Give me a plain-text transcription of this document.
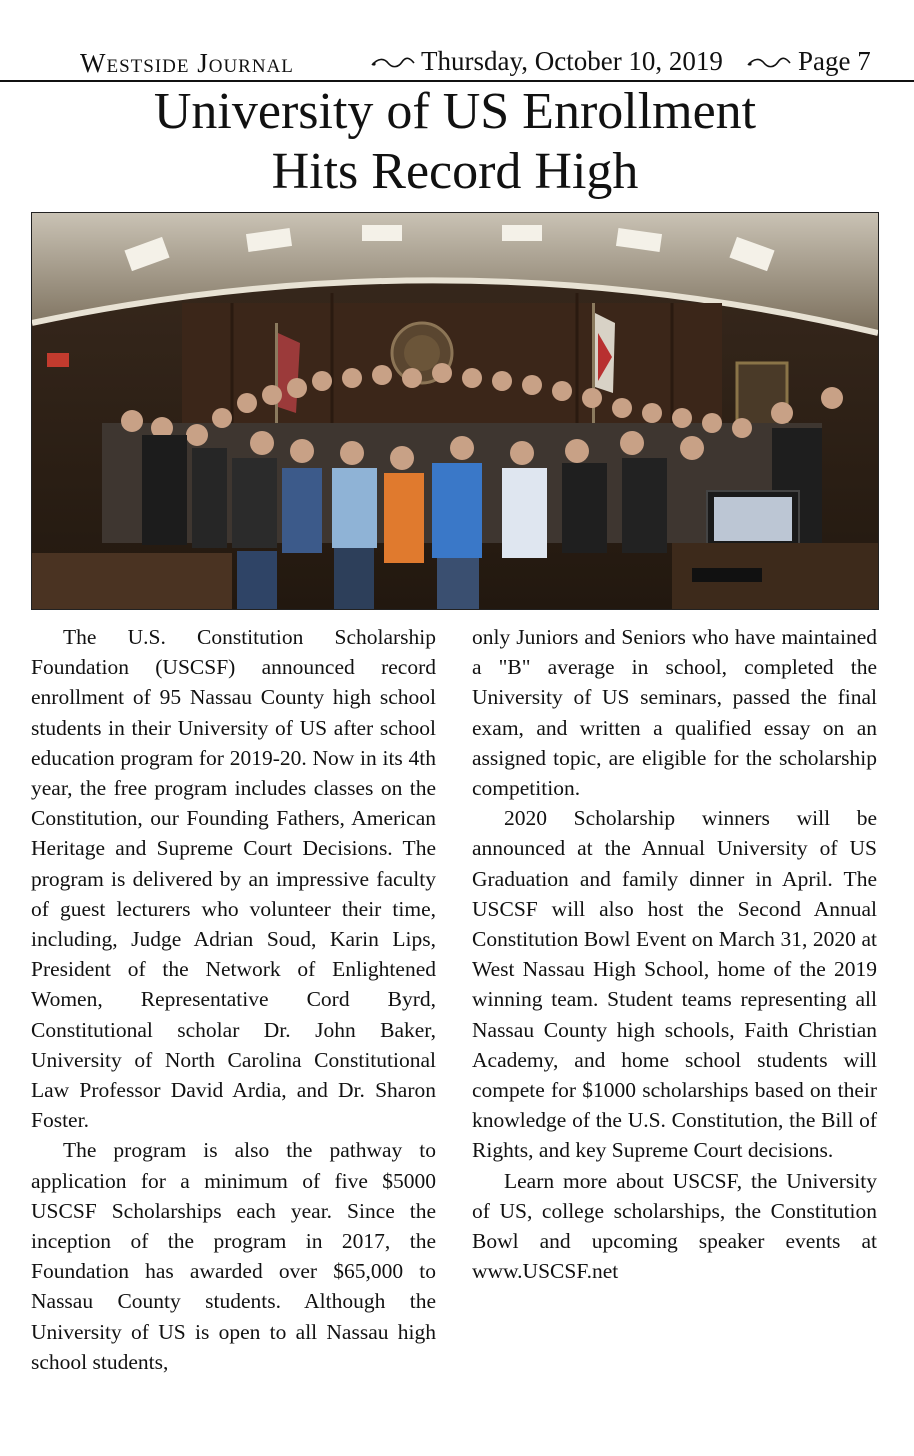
Westside Journal	Thursday, October 10, 2019	Page 7
University of US Enrollment
Hits Record High

The U.S. Constitution Scholarship Foundation (USCSF) announced record enrollment of 95 Nassau County high school students in their University of US after school education program for 2019-20. Now in its 4th year, the free program includes classes on the Constitution, our Founding Fathers, American Heritage and Supreme Court Decisions. The program is delivered by an impressive faculty of guest lecturers who volunteer their time, including, Judge Adrian Soud, Karin Lips, President of the Network of Enlightened Women, Representative Cord Byrd, Constitutional scholar Dr. John Baker, University of North Carolina Constitutional Law Professor David Ardia, and Dr. Sharon Foster.

The program is also the pathway to application for a minimum of five $5000 USCSF Scholarships each year. Since the inception of the program in 2017, the Foundation has awarded over $65,000 to Nassau County students. Although the University of US is open to all Nassau high school students,

only Juniors and Seniors who have maintained a "B" average in school, completed the University of US seminars, passed the final exam, and written a qualified essay on an assigned topic, are eligible for the scholarship competition.

2020 Scholarship winners will be announced at the Annual University of US Graduation and family dinner in April. The USCSF will also host the Second Annual Constitution Bowl Event on March 31, 2020 at West Nassau High School, home of the 2019 winning team. Student teams representing all Nassau County high schools, Faith Christian Academy, and home school students will compete for $1000 scholarships based on their knowledge of the U.S. Constitution, the Bill of Rights, and key Supreme Court decisions.

Learn more about USCSF, the University of US, college scholarships, the Constitution Bowl and upcoming speaker events at www.USCSF.net
